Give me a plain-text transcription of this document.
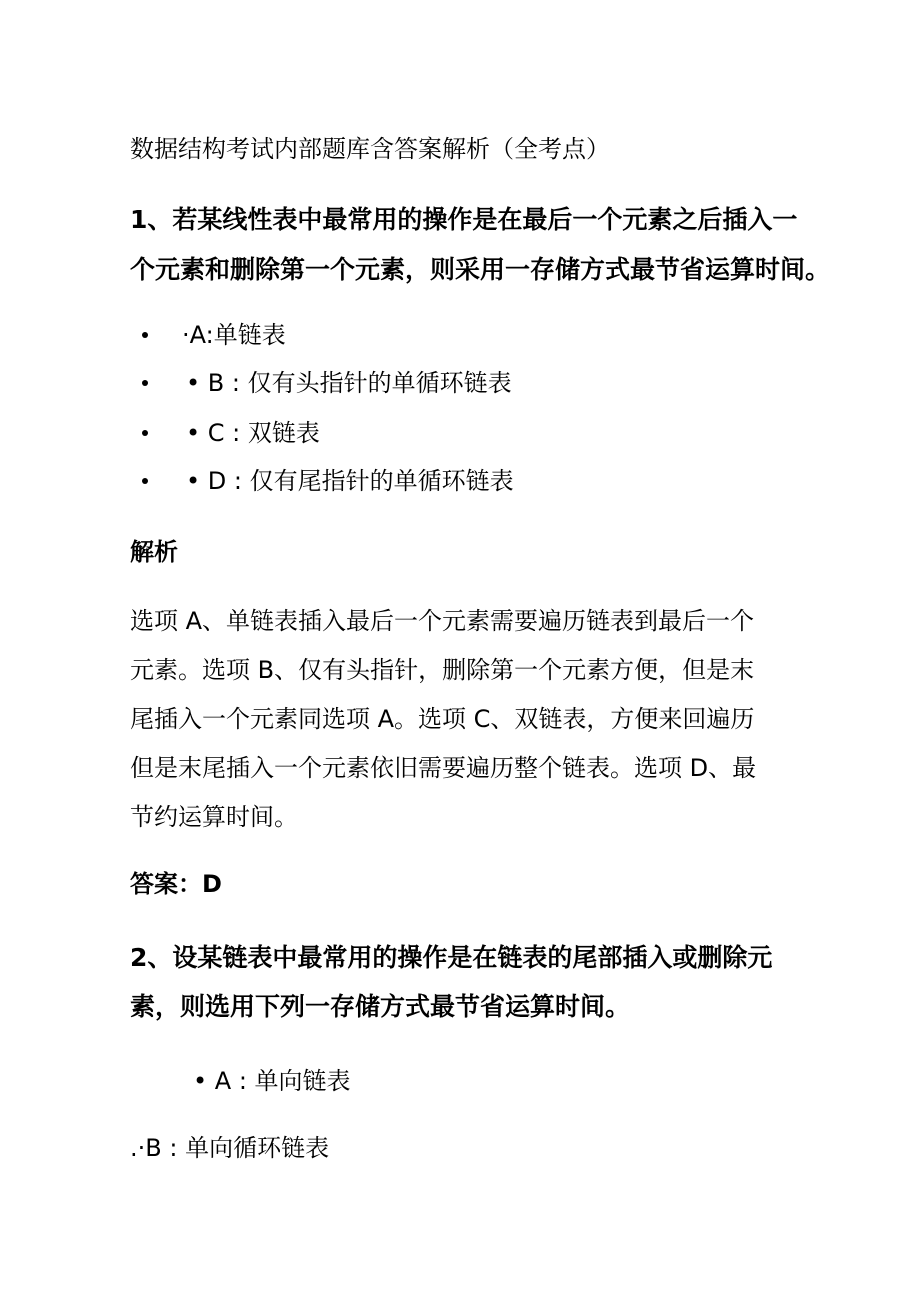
数据结构考试内部题库含答案解析（全考点）
1、若某线性表中最常用的操作是在最后一个元素之后插入一
个元素和删除第一个元素，则采用一存储方式最节省运算时间。
·A:单链表
• B : 仅有头指针的单循环链表
• C : 双链表
• D : 仅有尾指针的单循环链表
解析
选项 A、单链表插入最后一个元素需要遍历链表到最后一个
元素。选项 B、仅有头指针，删除第一个元素方便，但是末
尾插入一个元素同选项 A。选项 C、双链表，方便来回遍历
但是末尾插入一个元素依旧需要遍历整个链表。选项 D、最
节约运算时间。
答案：D
2、设某链表中最常用的操作是在链表的尾部插入或删除元
素，则选用下列一存储方式最节省运算时间。
• A : 单向链表
.·B : 单向循环链表
